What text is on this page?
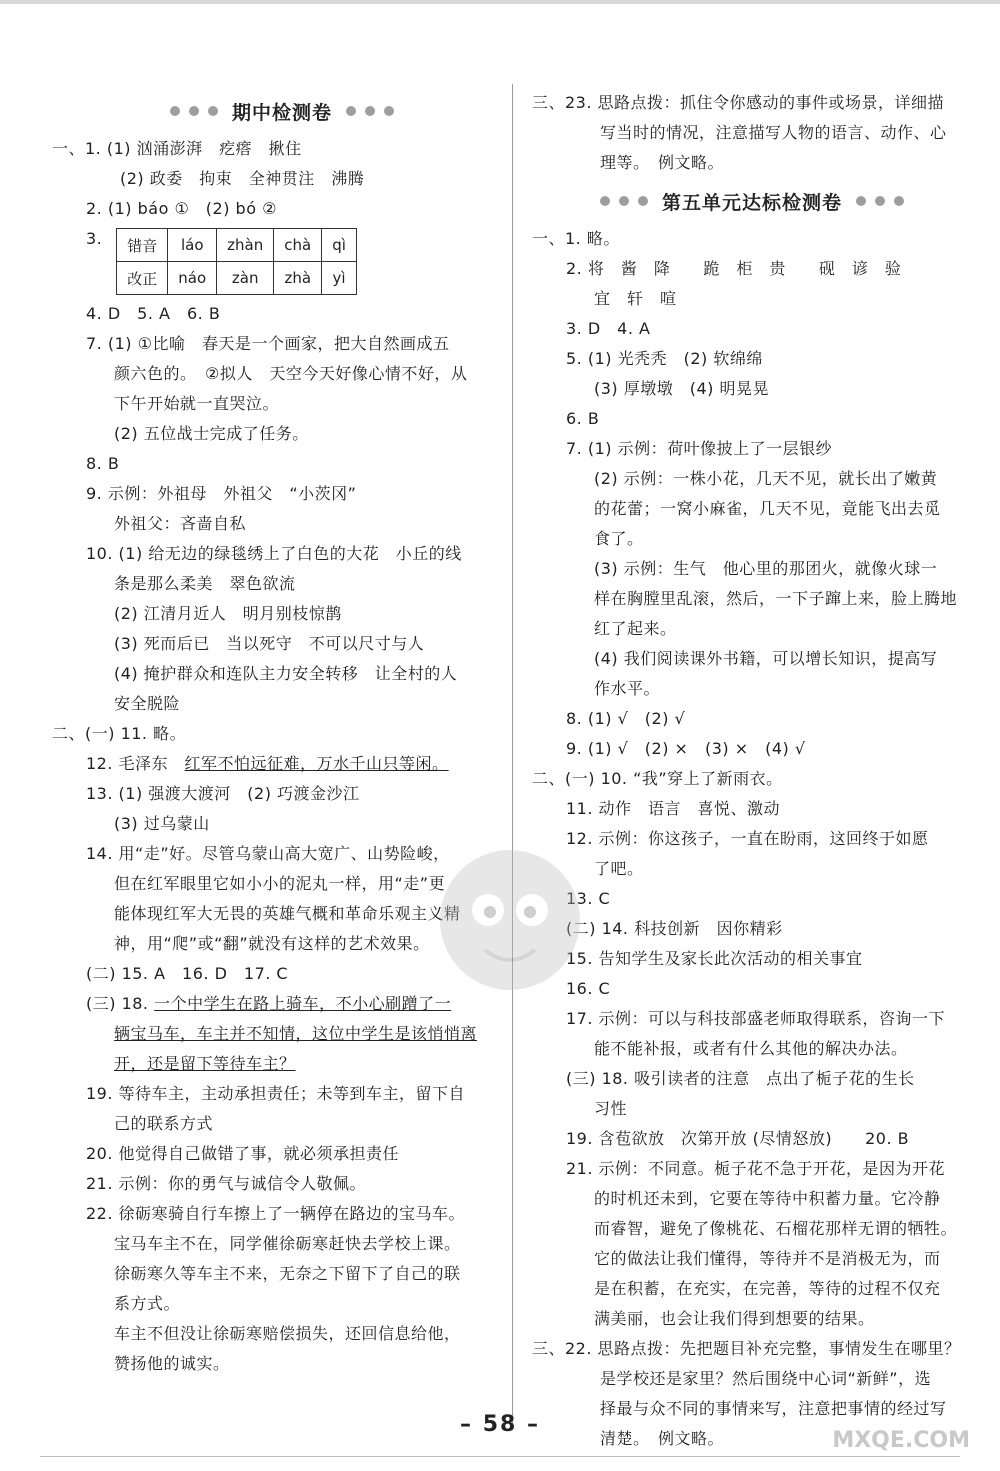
期中检测卷
一、1. (1) 汹涌澎湃　疙瘩　揪住
(2) 政委　拘束　全神贯注　沸腾
2. (1) báo ①　(2) bó ②
3. 错音	láo	zhàn	chà	qì
改正	náo	zàn	zhà	yì
4. D　5. A　6. B
7. (1) ①比喻　春天是一个画家，把大自然画成五
颜六色的。　②拟人　天空今天好像心情不好，从
下午开始就一直哭泣。
(2) 五位战士完成了任务。
8. B
9. 示例：外祖母　外祖父　“小茨冈”
外祖父：吝啬自私
10. (1) 给无边的绿毯绣上了白色的大花　小丘的线
条是那么柔美　翠色欲流
(2) 江清月近人　明月别枝惊鹊
(3) 死而后已　当以死守　不可以尺寸与人
(4) 掩护群众和连队主力安全转移　让全村的人
安全脱险
二、(一) 11. 略。
12. 毛泽东　红军不怕远征难，万水千山只等闲。
13. (1) 强渡大渡河　(2) 巧渡金沙江
(3) 过乌蒙山
14. 用“走”好。尽管乌蒙山高大宽广、山势险峻，
但在红军眼里它如小小的泥丸一样，用“走”更
能体现红军大无畏的英雄气概和革命乐观主义精
神，用“爬”或“翻”就没有这样的艺术效果。
(二) 15. A　16. D　17. C
(三) 18. 一个中学生在路上骑车，不小心刷蹭了一
辆宝马车，车主并不知情，这位中学生是该悄悄离
开，还是留下等待车主？
19. 等待车主，主动承担责任；未等到车主，留下自
己的联系方式
20. 他觉得自己做错了事，就必须承担责任
21. 示例：你的勇气与诚信令人敬佩。
22. 徐砺寒骑自行车擦上了一辆停在路边的宝马车。
宝马车主不在，同学催徐砺寒赶快去学校上课。
徐砺寒久等车主不来，无奈之下留下了自己的联
系方式。
车主不但没让徐砺寒赔偿损失，还回信息给他，
赞扬他的诚实。
三、23. 思路点拨：抓住令你感动的事件或场景，详细描
写当时的情况，注意描写人物的语言、动作、心
理等。　例文略。
第五单元达标检测卷
一、1. 略。
2. 将　酱　降　　跪　柜　贵　　砚　谚　验
宜　轩　喧
3. D　4. A
5. (1) 光秃秃　(2) 软绵绵
(3) 厚墩墩　(4) 明晃晃
6. B
7. (1) 示例：荷叶像披上了一层银纱
(2) 示例：一株小花，几天不见，就长出了嫩黄
的花蕾；一窝小麻雀，几天不见，竟能飞出去觅
食了。
(3) 示例：生气　他心里的那团火，就像火球一
样在胸膛里乱滚，然后，一下子蹿上来，脸上腾地
红了起来。
(4) 我们阅读课外书籍，可以增长知识，提高写
作水平。
8. (1) √　(2) √
9. (1) √　(2) ×　(3) ×　(4) √
二、(一) 10. “我”穿上了新雨衣。
11. 动作　语言　喜悦、激动
12. 示例：你这孩子，一直在盼雨，这回终于如愿
了吧。
13. C
(二) 14. 科技创新　因你精彩
15. 告知学生及家长此次活动的相关事宜
16. C
17. 示例：可以与科技部盛老师取得联系，咨询一下
能不能补报，或者有什么其他的解决办法。
(三) 18. 吸引读者的注意　点出了栀子花的生长
习性
19. 含苞欲放　次第开放 (尽情怒放)　　20. B
21. 示例：不同意。栀子花不急于开花，是因为开花
的时机还未到，它要在等待中积蓄力量。它冷静
而睿智，避免了像桃花、石榴花那样无谓的牺牲。
它的做法让我们懂得，等待并不是消极无为，而
是在积蓄，在充实，在完善，等待的过程不仅充
满美丽，也会让我们得到想要的结果。
三、22. 思路点拨：先把题目补充完整，事情发生在哪里？
是学校还是家里？然后围绕中心词“新鲜”，选
择最与众不同的事情来写，注意把事情的经过写
清楚。　例文略。
– 58 –
MXQE.COM
